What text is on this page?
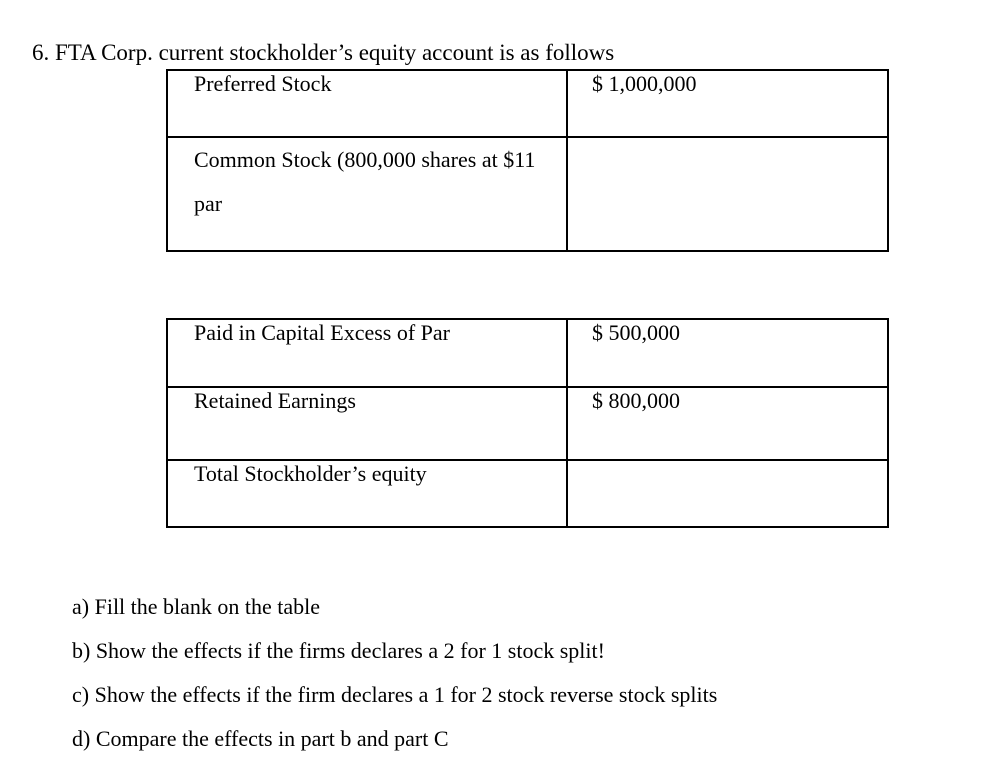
6. FTA Corp. current stockholder’s equity account is as follows
Preferred Stock	$ 1,000,000

Common Stock (800,000 shares at $11 par	

Paid in Capital Excess of Par	$ 500,000
Retained Earnings	$ 800,000
Total Stockholder’s equity	
a) Fill the blank on the table
b) Show the effects if the firms declares a 2 for 1 stock split!
c) Show the effects if the firm declares a 1 for 2 stock reverse stock splits
d) Compare the effects in part b and part C
